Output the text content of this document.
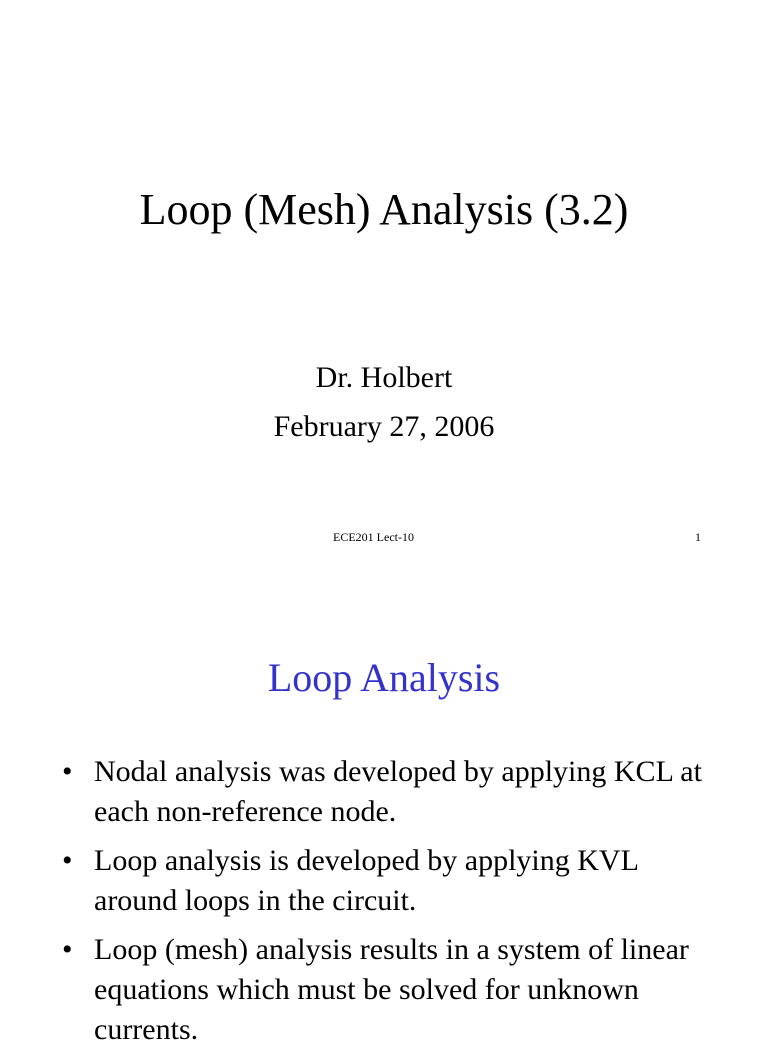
Loop (Mesh) Analysis (3.2)

Dr. Holbert

February 27, 2006

ECE201 Lect-10	1
Loop Analysis
• Nodal analysis was developed by applying KCL at each non-reference node.
• Loop analysis is developed by applying KVL around loops in the circuit.
• Loop (mesh) analysis results in a system of linear equations which must be solved for unknown currents.
